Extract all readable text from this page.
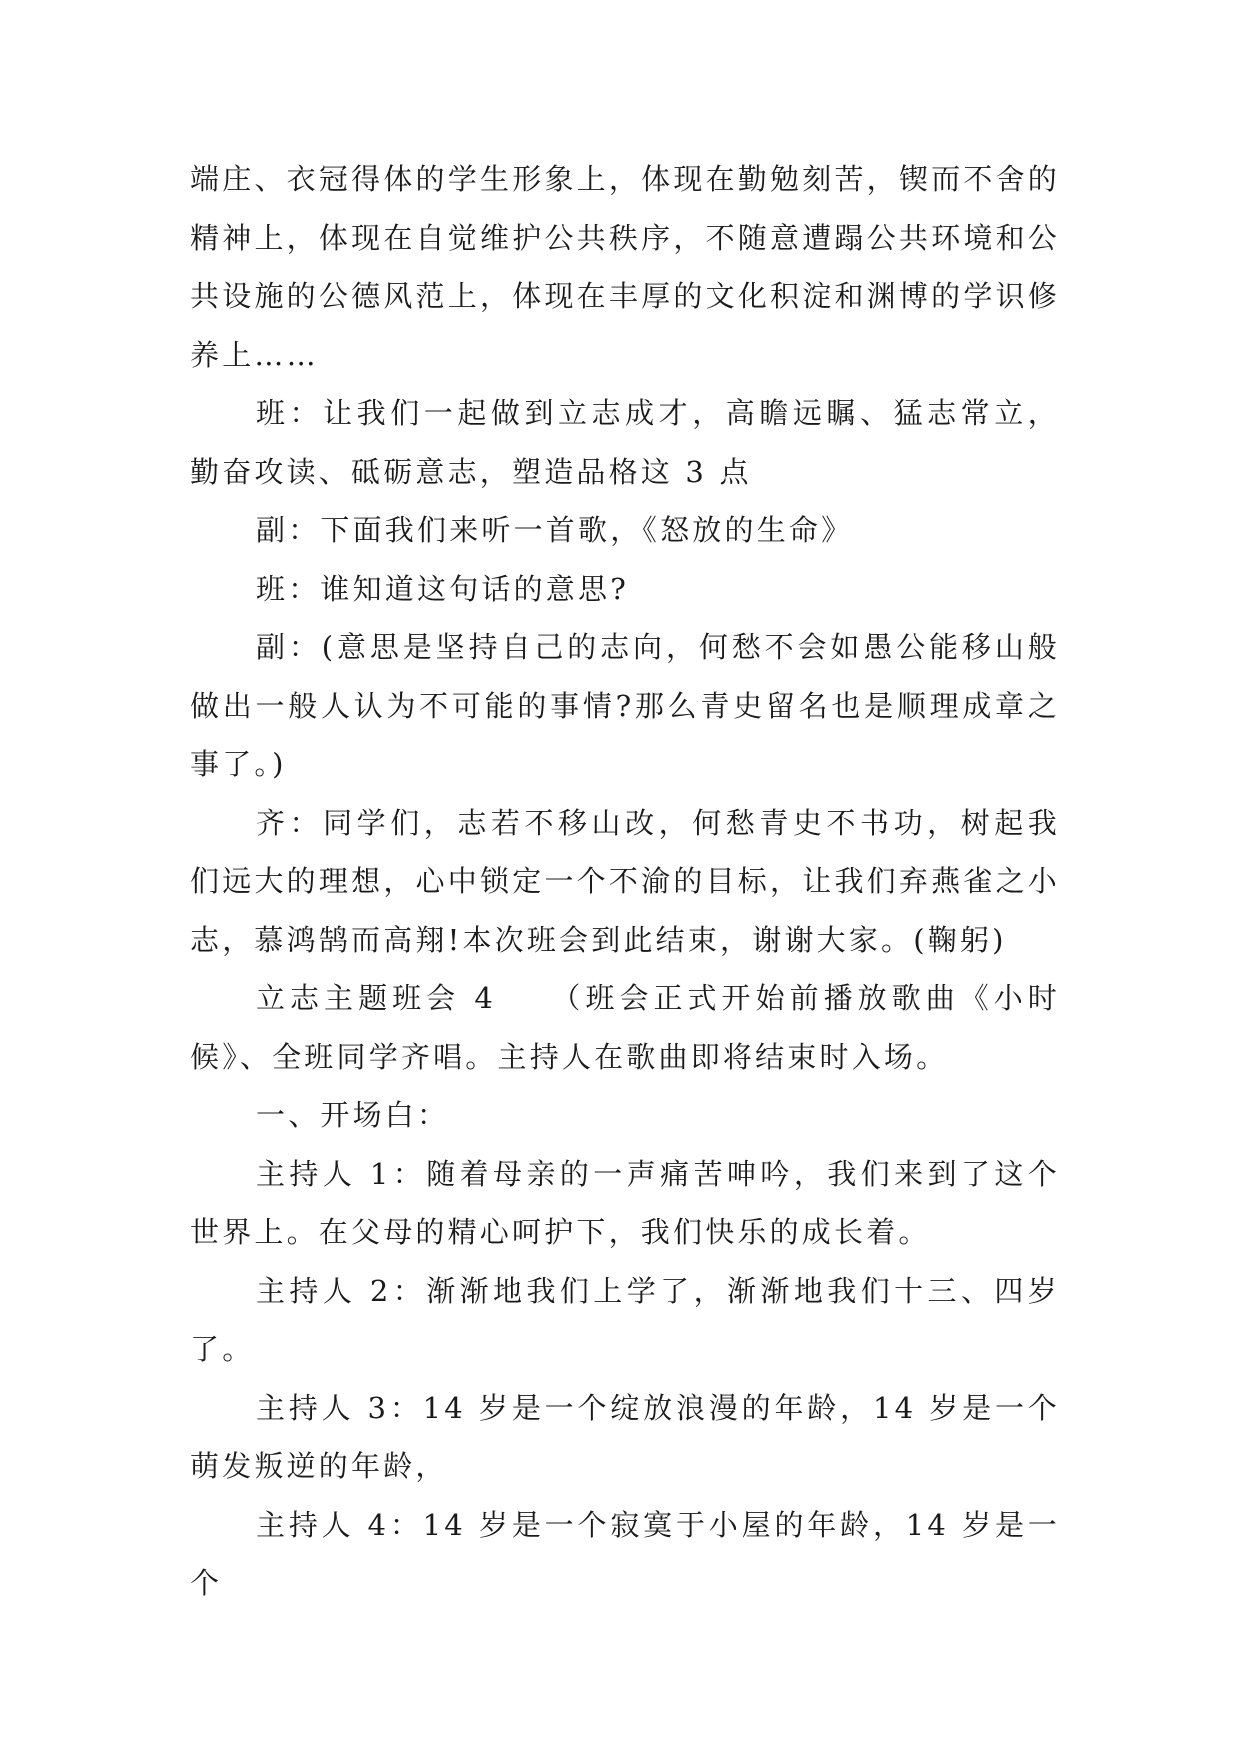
端庄、衣冠得体的学生形象上，体现在勤勉刻苦，锲而不舍的精神上，体现在自觉维护公共秩序，不随意遭蹋公共环境和公共设施的公德风范上，体现在丰厚的文化积淀和渊博的学识修养上……

班：让我们一起做到立志成才，高瞻远瞩、猛志常立，勤奋攻读、砥砺意志，塑造品格这 3 点

副：下面我们来听一首歌，《怒放的生命》

班：谁知道这句话的意思?

副：(意思是坚持自己的志向，何愁不会如愚公能移山般做出一般人认为不可能的事情?那么青史留名也是顺理成章之事了。)

齐：同学们，志若不移山改，何愁青史不书功，树起我们远大的理想，心中锁定一个不渝的目标，让我们弃燕雀之小志，慕鸿鹄而高翔!本次班会到此结束，谢谢大家。(鞠躬)

立志主题班会 4　　（班会正式开始前播放歌曲《小时候》、全班同学齐唱。主持人在歌曲即将结束时入场。

一、开场白：

主持人 1：随着母亲的一声痛苦呻吟，我们来到了这个世界上。在父母的精心呵护下，我们快乐的成长着。

主持人 2：渐渐地我们上学了，渐渐地我们十三、四岁了。

主持人 3：14 岁是一个绽放浪漫的年龄，14 岁是一个萌发叛逆的年龄，

主持人 4：14 岁是一个寂寞于小屋的年龄，14 岁是一个
